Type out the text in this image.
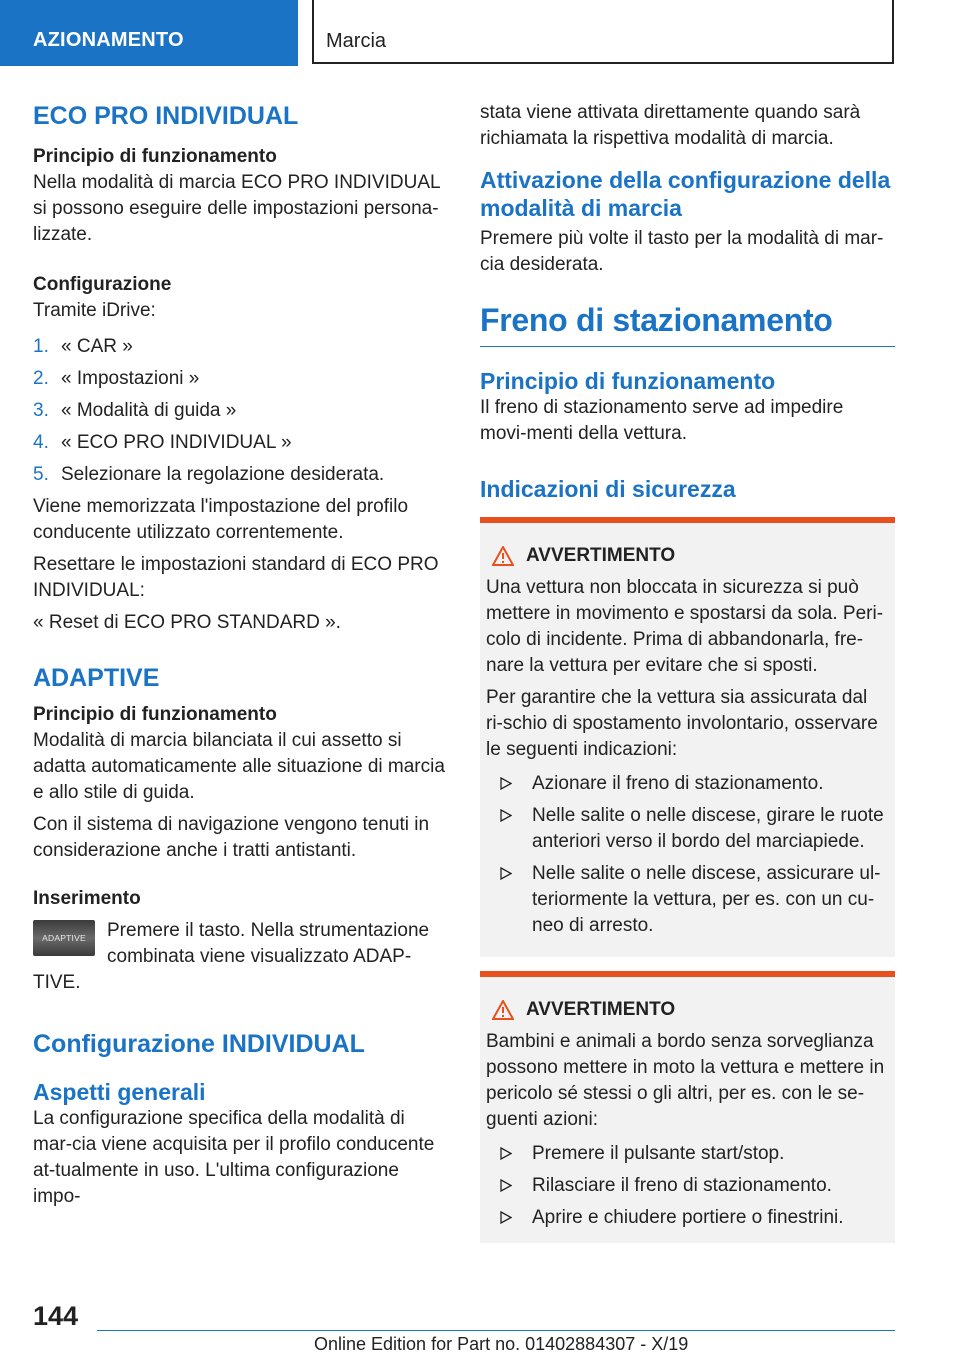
AZIONAMENTO	Marcia
ECO PRO INDIVIDUAL
Principio di funzionamento

Nella modalità di marcia ECO PRO INDIVIDUAL si possono eseguire delle impostazioni persona-lizzate.

Configurazione

Tramite iDrive:

1. « CAR »
2. « Impostazioni »
3. « Modalità di guida »
4. « ECO PRO INDIVIDUAL »
5. Selezionare la regolazione desiderata.

Viene memorizzata l'impostazione del profilo conducente utilizzato correntemente.

Resettare le impostazioni standard di ECO PRO INDIVIDUAL:

« Reset di ECO PRO STANDARD ».

ADAPTIVE
Principio di funzionamento

Modalità di marcia bilanciata il cui assetto si adatta automaticamente alle situazione di marcia e allo stile di guida.

Con il sistema di navigazione vengono tenuti in considerazione anche i tratti antistanti.

Inserimento
ADAPTIVE	Premere il tasto. Nella strumentazione combinata viene visualizzato ADAP-TIVE.

Configurazione INDIVIDUAL
Aspetti generali

La configurazione specifica della modalità di mar-cia viene acquisita per il profilo conducente at-tualmente in uso. L'ultima configurazione impo-

stata viene attivata direttamente quando sarà richiamata la rispettiva modalità di marcia.

Attivazione della configurazione della modalità di marcia

Premere più volte il tasto per la modalità di mar-cia desiderata.

Freno di stazionamento
Principio di funzionamento

Il freno di stazionamento serve ad impedire movi-menti della vettura.

Indicazioni di sicurezza
AVVERTIMENTO

Una vettura non bloccata in sicurezza si può mettere in movimento e spostarsi da sola. Peri-colo di incidente. Prima di abbandonarla, fre-nare la vettura per evitare che si sposti.

Per garantire che la vettura sia assicurata dal ri-schio di spostamento involontario, osservare le seguenti indicazioni:

Azionare il freno di stazionamento.
Nelle salite o nelle discese, girare le ruote anteriori verso il bordo del marciapiede.
Nelle salite o nelle discese, assicurare ul-teriormente la vettura, per es. con un cu-neo di arresto.
AVVERTIMENTO

Bambini e animali a bordo senza sorveglianza possono mettere in moto la vettura e mettere in pericolo sé stessi o gli altri, per es. con le se-guenti azioni:

Premere il pulsante start/stop.
Rilasciare il freno di stazionamento.
Aprire e chiudere portiere o finestrini.
144
Online Edition for Part no. 01402884307 - X/19
